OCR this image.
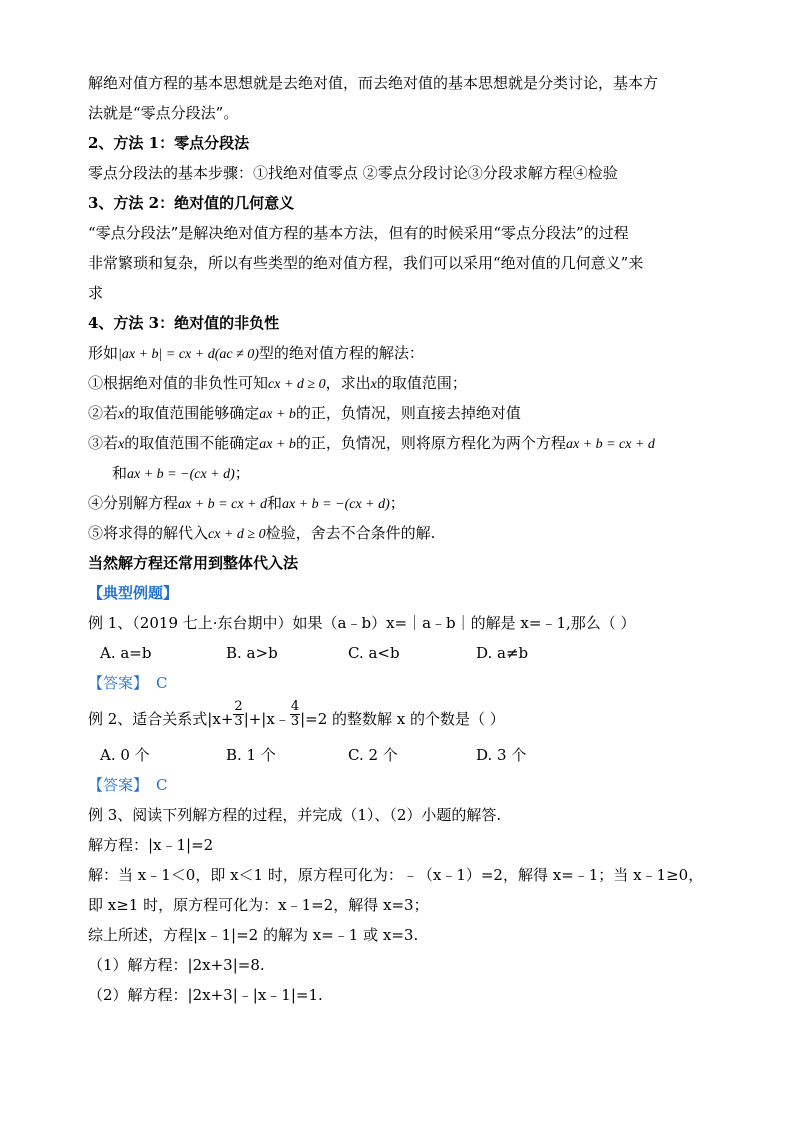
解绝对值方程的基本思想就是去绝对值，而去绝对值的基本思想就是分类讨论，基本方
法就是“零点分段法”。
2、方法 1：零点分段法
零点分段法的基本步骤：①找绝对值零点 ②零点分段讨论③分段求解方程④检验
3、方法 2：绝对值的几何意义
“零点分段法”是解决绝对值方程的基本方法，但有的时候采用“零点分段法”的过程
非常繁琐和复杂，所以有些类型的绝对值方程，我们可以采用“绝对值的几何意义”来
求
4、方法 3：绝对值的非负性
形如|ax + b| = cx + d(ac ≠ 0)型的绝对值方程的解法：
①根据绝对值的非负性可知cx + d ≥ 0，求出x的取值范围；
②若x的取值范围能够确定ax + b的正，负情况，则直接去掉绝对值
③若x的取值范围不能确定ax + b的正，负情况，则将原方程化为两个方程ax + b = cx + d
和ax + b = −(cx + d)；
④分别解方程ax + b = cx + d和ax + b = −(cx + d)；
⑤将求得的解代入cx + d ≥ 0检验，舍去不合条件的解.
当然解方程还常用到整体代入法
【典型例题】
例 1、（2019 七上·东台期中）如果（a﹣b）x=｜a﹣b｜的解是 x=﹣1,那么（ ）
A. a=b	B. a>b	C. a<b	D. a≠b
【答案】 C
例 2、适合关系式$|x+ \frac{2}{3}$ |+|x﹣ $\frac{4}{3} |=2$ 的整数解 x 的个数是（ ）
A. 0 个	B. 1 个	C. 2 个	D. 3 个
【答案】 C
例 3、阅读下列解方程的过程，并完成（1）、（2）小题的解答.
解方程：|x﹣1|=2
解：当 x﹣1＜0，即 x＜1 时，原方程可化为：﹣（x﹣1）=2，解得 x=﹣1；当 x﹣1≥0，
即 x≥1 时，原方程可化为：x﹣1=2，解得 x=3；
综上所述，方程|x﹣1|=2 的解为 x=﹣1 或 x=3.
（1）解方程：|2x+3|=8.
（2）解方程：|2x+3|﹣|x﹣1|=1.
